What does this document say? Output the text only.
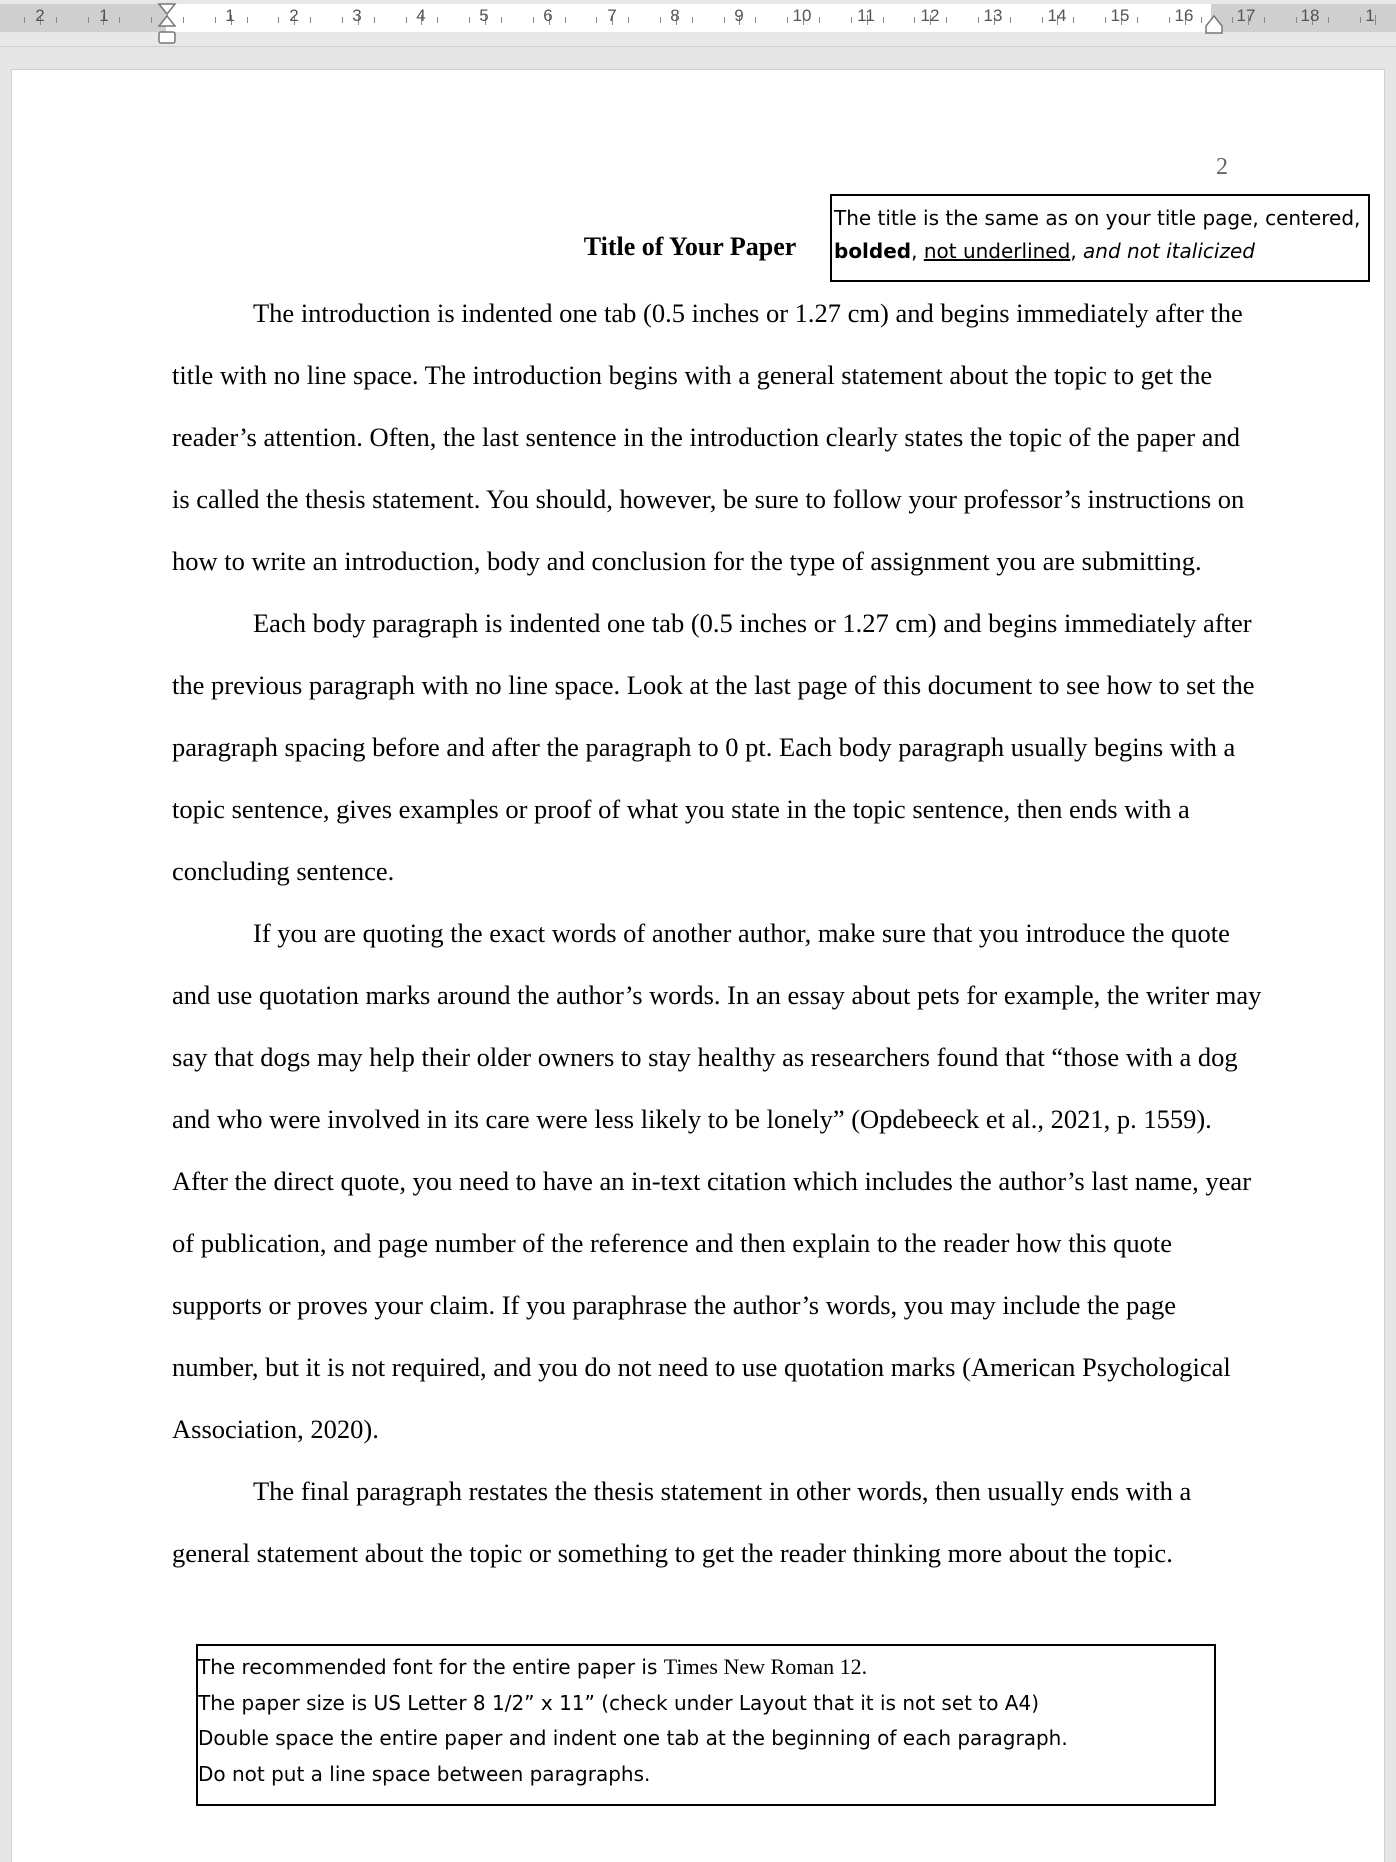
2	1	1	2	3	4	5	6	7	8	9	10	11	12	13	14	15	16	17	18	1
2
Title of Your Paper
The title is the same as on your title page, centered,
bolded, not underlined, and not italicized

The introduction is indented one tab (0.5 inches or 1.27 cm) and begins immediately after the title with no line space. The introduction begins with a general statement about the topic to get the reader’s attention. Often, the last sentence in the introduction clearly states the topic of the paper and is called the thesis statement. You should, however, be sure to follow your professor’s instructions on how to write an introduction, body and conclusion for the type of assignment you are submitting.

Each body paragraph is indented one tab (0.5 inches or 1.27 cm) and begins immediately after the previous paragraph with no line space. Look at the last page of this document to see how to set the paragraph spacing before and after the paragraph to 0 pt. Each body paragraph usually begins with a topic sentence, gives examples or proof of what you state in the topic sentence, then ends with a concluding sentence.

If you are quoting the exact words of another author, make sure that you introduce the quote and use quotation marks around the author’s words. In an essay about pets for example, the writer may say that dogs may help their older owners to stay healthy as researchers found that “those with a dog and who were involved in its care were less likely to be lonely” (Opdebeeck et al., 2021, p. 1559). After the direct quote, you need to have an in-text citation which includes the author’s last name, year of publication, and page number of the reference and then explain to the reader how this quote supports or proves your claim. If you paraphrase the author’s words, you may include the page number, but it is not required, and you do not need to use quotation marks (American Psychological Association, 2020).

The final paragraph restates the thesis statement in other words, then usually ends with a general statement about the topic or something to get the reader thinking more about the topic.

The recommended font for the entire paper is Times New Roman 12.
The paper size is US Letter 8 1/2” x 11” (check under Layout that it is not set to A4)
Double space the entire paper and indent one tab at the beginning of each paragraph.
Do not put a line space between paragraphs.
